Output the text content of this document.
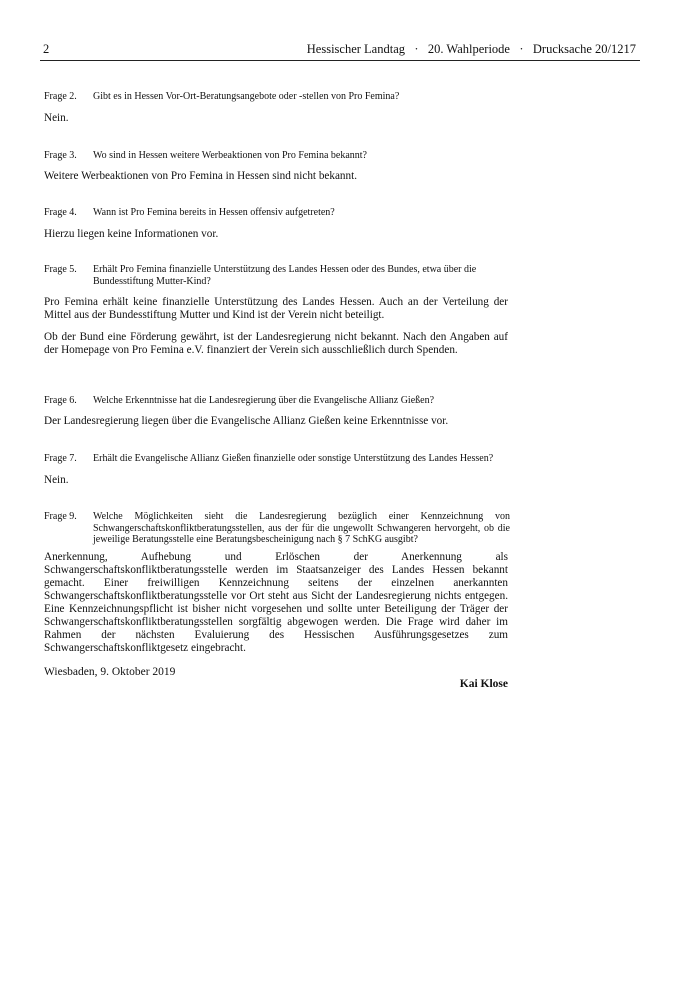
2	Hessischer Landtag   ·   20. Wahlperiode   ·   Drucksache 20/1217
Frage 2.	Gibt es in Hessen Vor-Ort-Beratungsangebote oder -stellen von Pro Femina?

Nein.

Frage 3.	Wo sind in Hessen weitere Werbeaktionen von Pro Femina bekannt?

Weitere Werbeaktionen von Pro Femina in Hessen sind nicht bekannt.

Frage 4.	Wann ist Pro Femina bereits in Hessen offensiv aufgetreten?

Hierzu liegen keine Informationen vor.

Frage 5.	Erhält Pro Femina finanzielle Unterstützung des Landes Hessen oder des Bundes, etwa über die Bundesstiftung Mutter-Kind?

Pro Femina erhält keine finanzielle Unterstützung des Landes Hessen. Auch an der Verteilung der Mittel aus der Bundesstiftung Mutter und Kind ist der Verein nicht beteiligt.

Ob der Bund eine Förderung gewährt, ist der Landesregierung nicht bekannt. Nach den Angaben auf der Homepage von Pro Femina e.V. finanziert der Verein sich ausschließlich durch Spenden.

Frage 6.	Welche Erkenntnisse hat die Landesregierung über die Evangelische Allianz Gießen?

Der Landesregierung liegen über die Evangelische Allianz Gießen keine Erkenntnisse vor.

Frage 7.	Erhält die Evangelische Allianz Gießen finanzielle oder sonstige Unterstützung des Landes Hessen?

Nein.

Frage 9.	Welche Möglichkeiten sieht die Landesregierung bezüglich einer Kennzeichnung von Schwangerschaftskonfliktberatungsstellen, aus der für die ungewollt Schwangeren hervorgeht, ob die jeweilige Beratungsstelle eine Beratungsbescheinigung nach § 7 SchKG ausgibt?

Anerkennung, Aufhebung und Erlöschen der Anerkennung als Schwangerschaftskonfliktberatungsstelle werden im Staatsanzeiger des Landes Hessen bekannt gemacht. Einer freiwilligen Kennzeichnung seitens der einzelnen anerkannten Schwangerschaftskonfliktberatungsstelle vor Ort steht aus Sicht der Landesregierung nichts entgegen. Eine Kennzeichnungspflicht ist bisher nicht vorgesehen und sollte unter Beteiligung der Träger der Schwangerschaftskonfliktberatungsstellen sorgfältig abgewogen werden. Die Frage wird daher im Rahmen der nächsten Evaluierung des Hessischen Ausführungsgesetzes zum Schwangerschaftskonfliktgesetz eingebracht.

Wiesbaden, 9. Oktober 2019
Kai Klose
